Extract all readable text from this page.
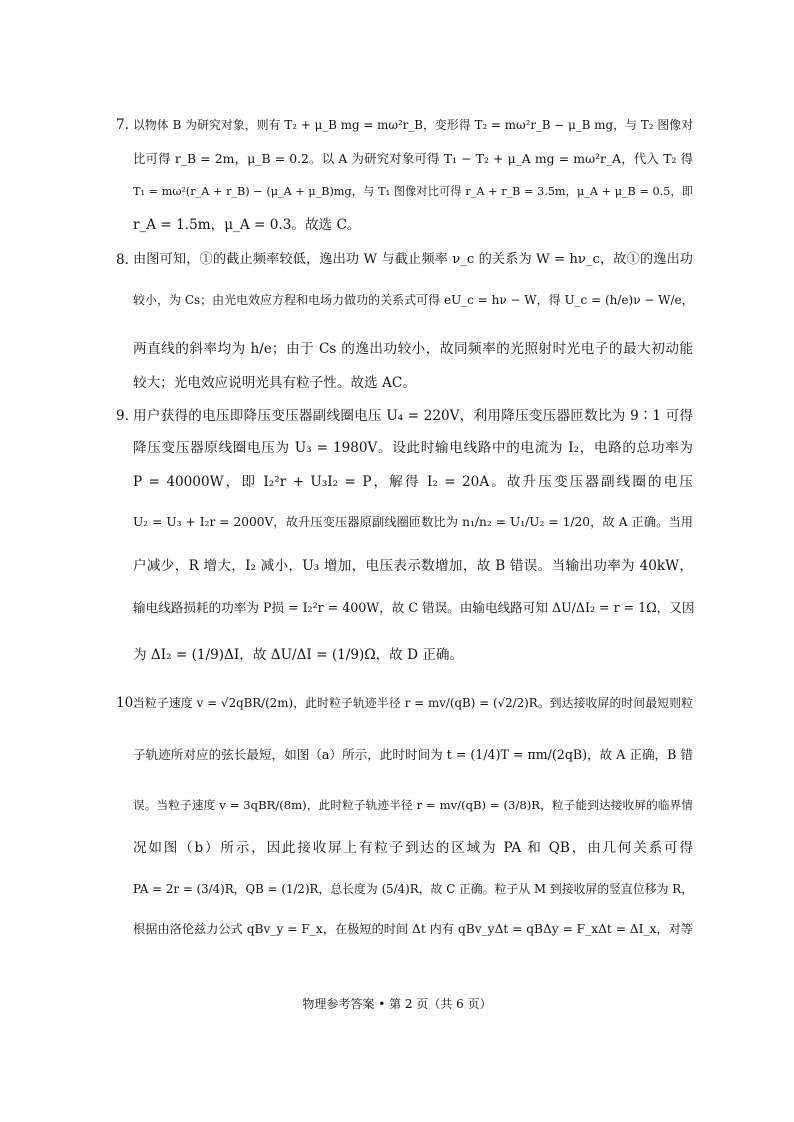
7. 以物体 B 为研究对象，则有 T₂ + μ_B mg = mω²r_B，变形得 T₂ = mω²r_B − μ_B mg，与 T₂ 图像对
比可得 r_B = 2m，μ_B = 0.2。以 A 为研究对象可得 T₁ − T₂ + μ_A mg = mω²r_A，代入 T₂ 得
T₁ = mω²(r_A + r_B) − (μ_A + μ_B)mg，与 T₁ 图像对比可得 r_A + r_B = 3.5m，μ_A + μ_B = 0.5，即
r_A = 1.5m，μ_A = 0.3。故选 C。
8. 由图可知，①的截止频率较低，逸出功 W 与截止频率 ν_c 的关系为 W = hν_c，故①的逸出功
较小，为 Cs；由光电效应方程和电场力做功的关系式可得 eU_c = hν − W，得 U_c = (h/e)ν − W/e，
两直线的斜率均为 h/e；由于 Cs 的逸出功较小，故同频率的光照射时光电子的最大初动能
较大；光电效应说明光具有粒子性。故选 AC。
9. 用户获得的电压即降压变压器副线圈电压 U₄ = 220V，利用降压变压器匝数比为 9∶1 可得
降压变压器原线圈电压为 U₃ = 1980V。设此时输电线路中的电流为 I₂，电路的总功率为
P = 40000W，即 I₂²r + U₃I₂ = P，解得 I₂ = 20A。故升压变压器副线圈的电压
U₂ = U₃ + I₂r = 2000V，故升压变压器原副线圈匝数比为 n₁/n₂ = U₁/U₂ = 1/20，故 A 正确。当用
户减少，R 增大，I₂ 减小，U₃ 增加，电压表示数增加，故 B 错误。当输出功率为 40kW，
输电线路损耗的功率为 P损 = I₂²r = 400W，故 C 错误。由输电线路可知 ΔU/ΔI₂ = r = 1Ω，又因
为 ΔI₂ = (1/9)ΔI，故 ΔU/ΔI = (1/9)Ω，故 D 正确。
10.
当粒子速度 v = √2qBR/(2m)，此时粒子轨迹半径 r = mv/(qB) = (√2/2)R。到达接收屏的时间最短则粒
子轨迹所对应的弦长最短，如图（a）所示，此时时间为 t = (1/4)T = πm/(2qB)，故 A 正确，B 错
误。当粒子速度 v = 3qBR/(8m)，此时粒子轨迹半径 r = mv/(qB) = (3/8)R，粒子能到达接收屏的临界情
况如图（b）所示，因此接收屏上有粒子到达的区域为 PA 和 QB，由几何关系可得
PA = 2r = (3/4)R，QB = (1/2)R，总长度为 (5/4)R，故 C 正确。粒子从 M 到接收屏的竖直位移为 R，
根据由洛伦兹力公式 qBv_y = F_x，在极短的时间 Δt 内有 qBv_yΔt = qBΔy = F_xΔt = ΔI_x，对等
物理参考答案 • 第 2 页（共 6 页）
